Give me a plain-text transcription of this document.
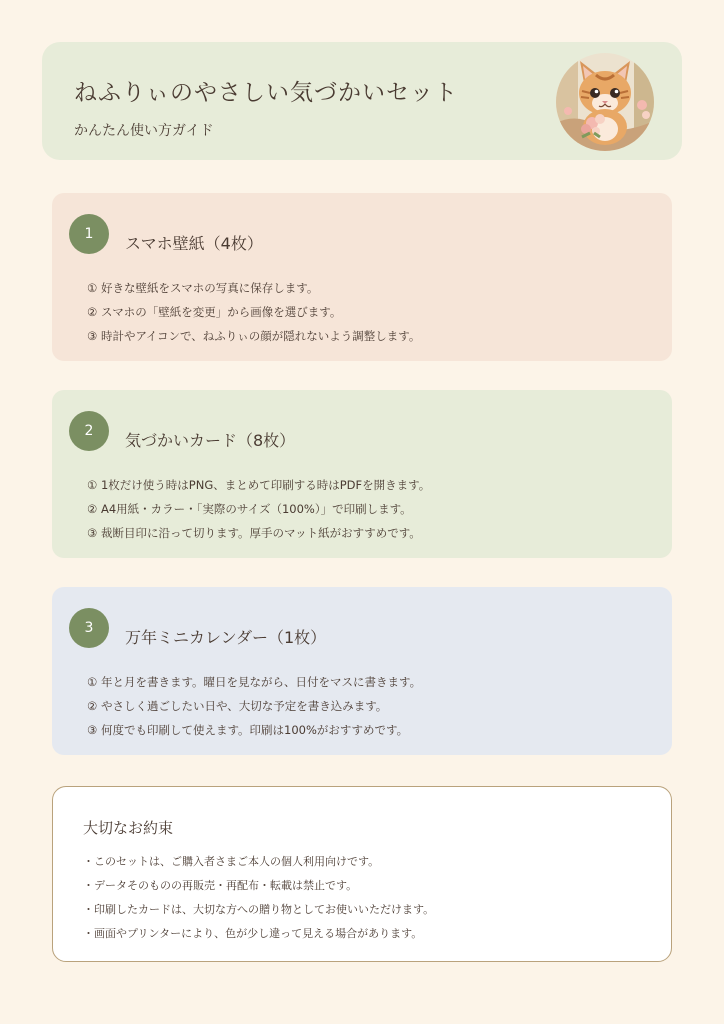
ねふりぃのやさしい気づかいセット
かんたん使い方ガイド
1	スマホ壁紙（4枚）
① 好きな壁紙をスマホの写真に保存します。
② スマホの「壁紙を変更」から画像を選びます。
③ 時計やアイコンで、ねふりぃの顔が隠れないよう調整します。
2	気づかいカード（8枚）
① 1枚だけ使う時はPNG、まとめて印刷する時はPDFを開きます。
② A4用紙・カラー・「実際のサイズ（100%）」で印刷します。
③ 裁断目印に沿って切ります。厚手のマット紙がおすすめです。
3	万年ミニカレンダー（1枚）
① 年と月を書きます。曜日を見ながら、日付をマスに書きます。
② やさしく過ごしたい日や、大切な予定を書き込みます。
③ 何度でも印刷して使えます。印刷は100%がおすすめです。
大切なお約束
・このセットは、ご購入者さまご本人の個人利用向けです。
・データそのものの再販売・再配布・転載は禁止です。
・印刷したカードは、大切な方への贈り物としてお使いいただけます。
・画面やプリンターにより、色が少し違って見える場合があります。
